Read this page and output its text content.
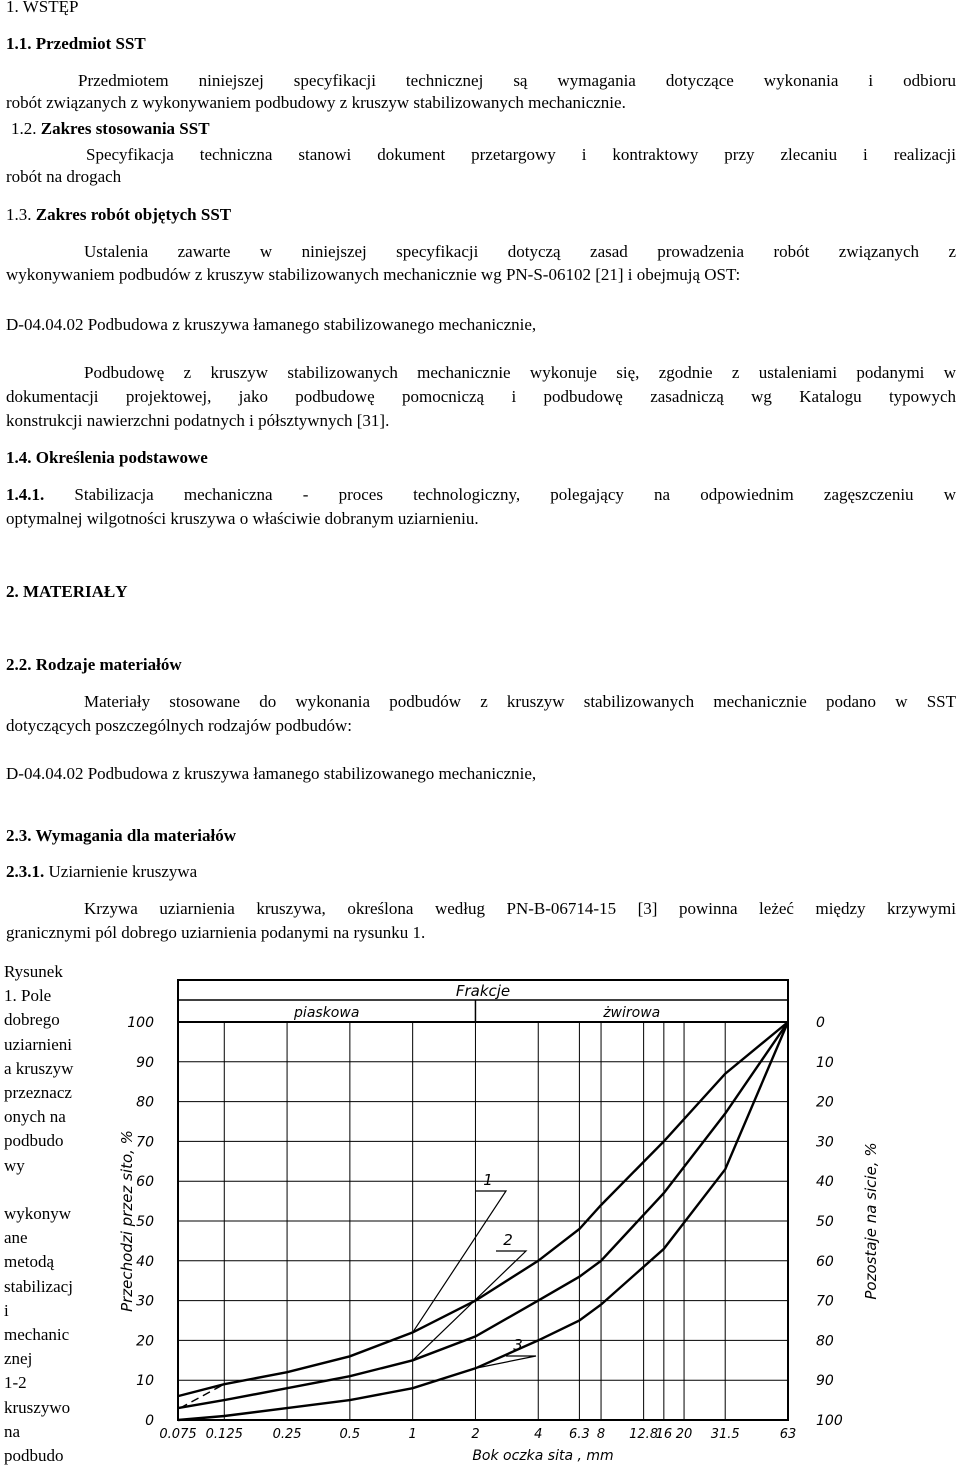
1. WSTĘP
1.1. Przedmiot SST
Przedmiotem niniejszej specyfikacji technicznej są wymagania dotyczące wykonania i odbioru
robót związanych z wykonywaniem podbudowy z kruszyw stabilizowanych mechanicznie.
1.2. Zakres stosowania SST
Specyfikacja techniczna stanowi dokument przetargowy i kontraktowy przy zlecaniu i realizacji
robót na drogach
1.3. Zakres robót objętych SST
Ustalenia zawarte w niniejszej specyfikacji dotyczą zasad prowadzenia robót związanych z
wykonywaniem podbudów z kruszyw stabilizowanych mechanicznie wg PN-S-06102 [21] i obejmują OST:
D-04.04.02 Podbudowa z kruszywa łamanego stabilizowanego mechanicznie,
Podbudowę z kruszyw stabilizowanych mechanicznie wykonuje się, zgodnie z ustaleniami podanymi w
dokumentacji projektowej, jako podbudowę pomocniczą i podbudowę zasadniczą wg Katalogu typowych
konstrukcji nawierzchni podatnych i półsztywnych [31].
1.4. Określenia podstawowe
1.4.1. Stabilizacja mechaniczna - proces technologiczny, polegający na odpowiednim zagęszczeniu w
optymalnej wilgotności kruszywa o właściwie dobranym uziarnieniu.
2. MATERIAŁY
2.2. Rodzaje materiałów
Materiały stosowane do wykonania podbudów z kruszyw stabilizowanych mechanicznie podano w SST
dotyczących poszczególnych rodzajów podbudów:
D-04.04.02 Podbudowa z kruszywa łamanego stabilizowanego mechanicznie,
2.3. Wymagania dla materiałów
2.3.1. Uziarnienie kruszywa
Krzywa uziarnienia kruszywa, określona według PN-B-06714-15 [3] powinna leżeć między krzywymi
granicznymi pól dobrego uziarnienia podanymi na rysunku 1.
Rysunek
1. Pole
dobrego
uziarnieni
a kruszyw
przeznacz
onych na
podbudo
wy

wykonyw
ane
metodą
stabilizacj
i
mechanic
znej
1-2
kruszywo
na
podbudo
Frakcje
piaskowa	żwirowa
0
10
20
30
40
50
60
70
80
90
100
100
90
80
70
60
50
40
30
20
10
0
0.075 0.125 0.25	0.5	1	2	4 6.3 8 12.8
16 20 31.5	63
Przechodzi przez sito, %	Pozostaje na sicie, %
Bok oczka sita , mm
1
2
3
